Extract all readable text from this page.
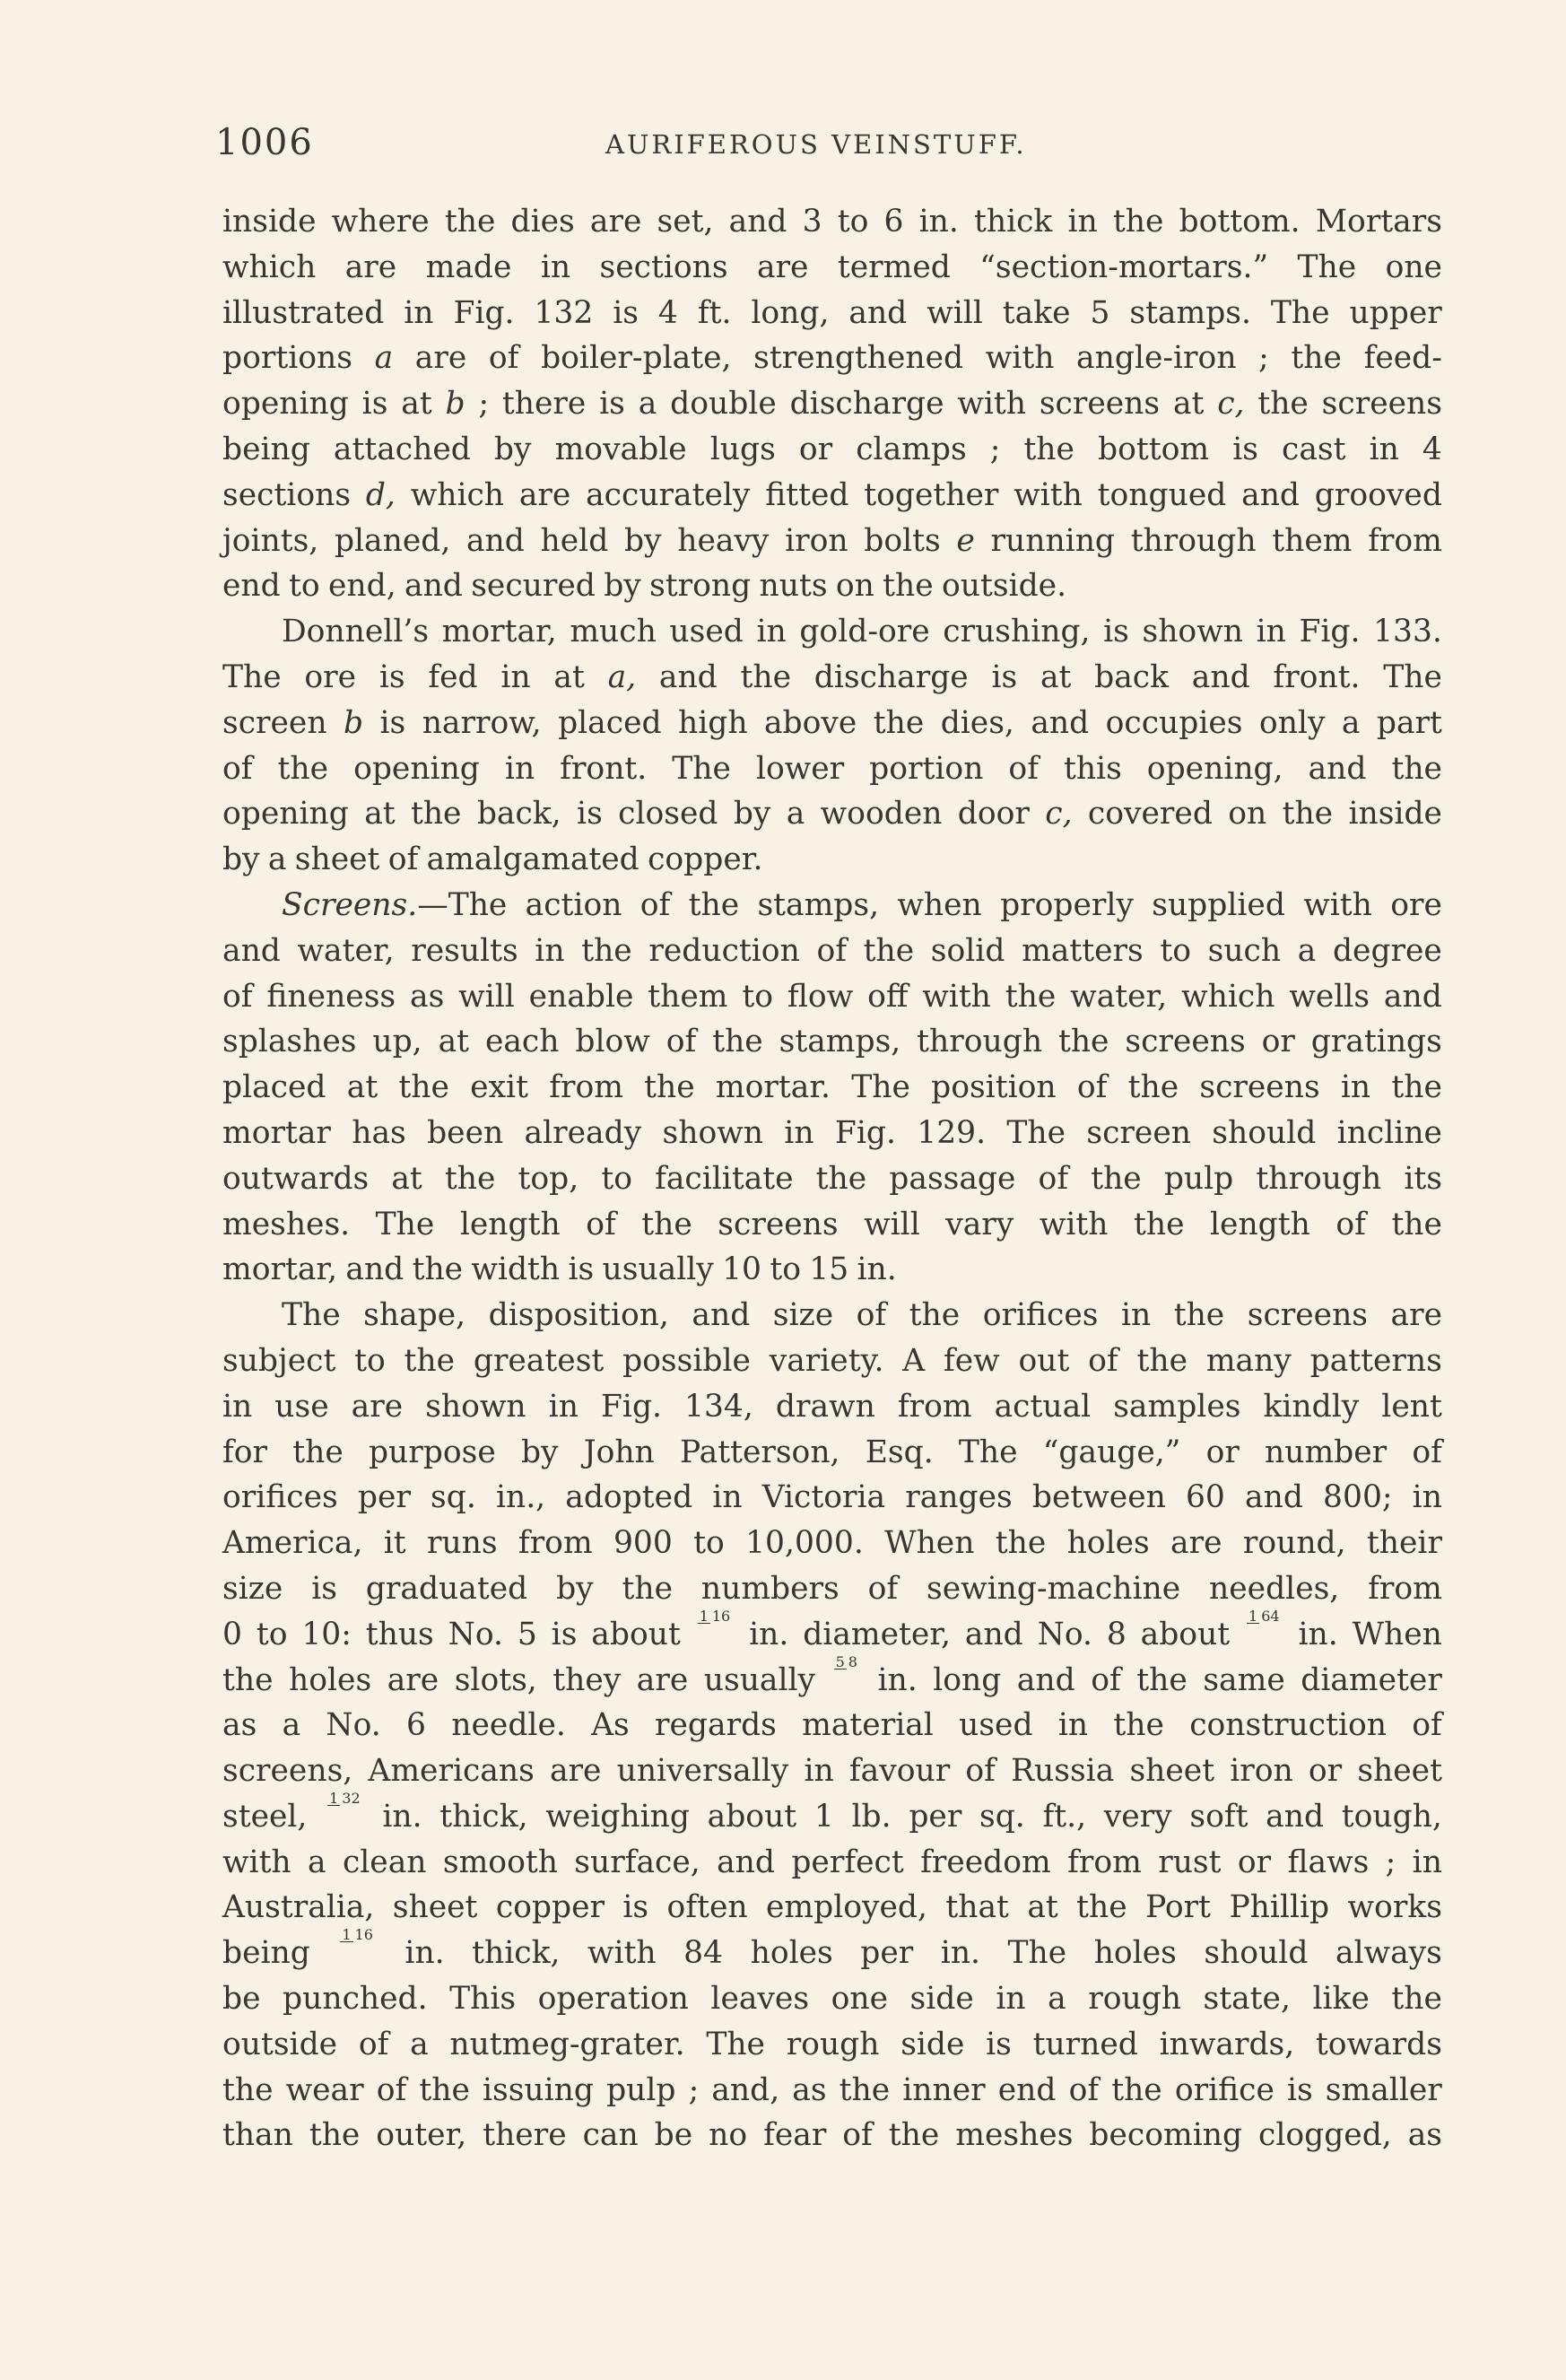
1006	AURIFEROUS VEINSTUFF.
inside where the dies are set, and 3 to 6 in. thick in the bottom. Mortars
which are made in sections are termed “section-mortars.” The one
illustrated in Fig. 132 is 4 ft. long, and will take 5 stamps. The upper
portions a are of boiler-plate, strengthened with angle-iron ; the feed-
opening is at b ; there is a double discharge with screens at c, the screens
being attached by movable lugs or clamps ; the bottom is cast in 4
sections d, which are accurately fitted together with tongued and grooved
joints, planed, and held by heavy iron bolts e running through them from
end to end, and secured by strong nuts on the outside.
Donnell’s mortar, much used in gold-ore crushing, is shown in Fig. 133.
The ore is fed in at a, and the discharge is at back and front. The
screen b is narrow, placed high above the dies, and occupies only a part
of the opening in front. The lower portion of this opening, and the
opening at the back, is closed by a wooden door c, covered on the inside
by a sheet of amalgamated copper.
Screens.—The action of the stamps, when properly supplied with ore
and water, results in the reduction of the solid matters to such a degree
of fineness as will enable them to flow off with the water, which wells and
splashes up, at each blow of the stamps, through the screens or gratings
placed at the exit from the mortar. The position of the screens in the
mortar has been already shown in Fig. 129. The screen should incline
outwards at the top, to facilitate the passage of the pulp through its
meshes. The length of the screens will vary with the length of the
mortar, and the width is usually 10 to 15 in.
The shape, disposition, and size of the orifices in the screens are
subject to the greatest possible variety. A few out of the many patterns
in use are shown in Fig. 134, drawn from actual samples kindly lent
for the purpose by John Patterson, Esq. The “gauge,” or number of
orifices per sq. in., adopted in Victoria ranges between 60 and 800; in
America, it runs from 900 to 10,000. When the holes are round, their
size is graduated by the numbers of sewing-machine needles, from
0 to 10: thus No. 5 is about
1 16
in. diameter, and No. 8 about
1 64
in. When
the holes are slots, they are usually
5 8
in. long and of the same diameter
as a No. 6 needle. As regards material used in the construction of
screens, Americans are universally in favour of Russia sheet iron or sheet
steel,
1 32
in. thick, weighing about 1 lb. per sq. ft., very soft and tough,
with a clean smooth surface, and perfect freedom from rust or flaws ; in
Australia, sheet copper is often employed, that at the Port Phillip works
being
1 16
in. thick, with 84 holes per in. The holes should always
be punched. This operation leaves one side in a rough state, like the
outside of a nutmeg-grater. The rough side is turned inwards, towards
the wear of the issuing pulp ; and, as the inner end of the orifice is smaller
than the outer, there can be no fear of the meshes becoming clogged, as
